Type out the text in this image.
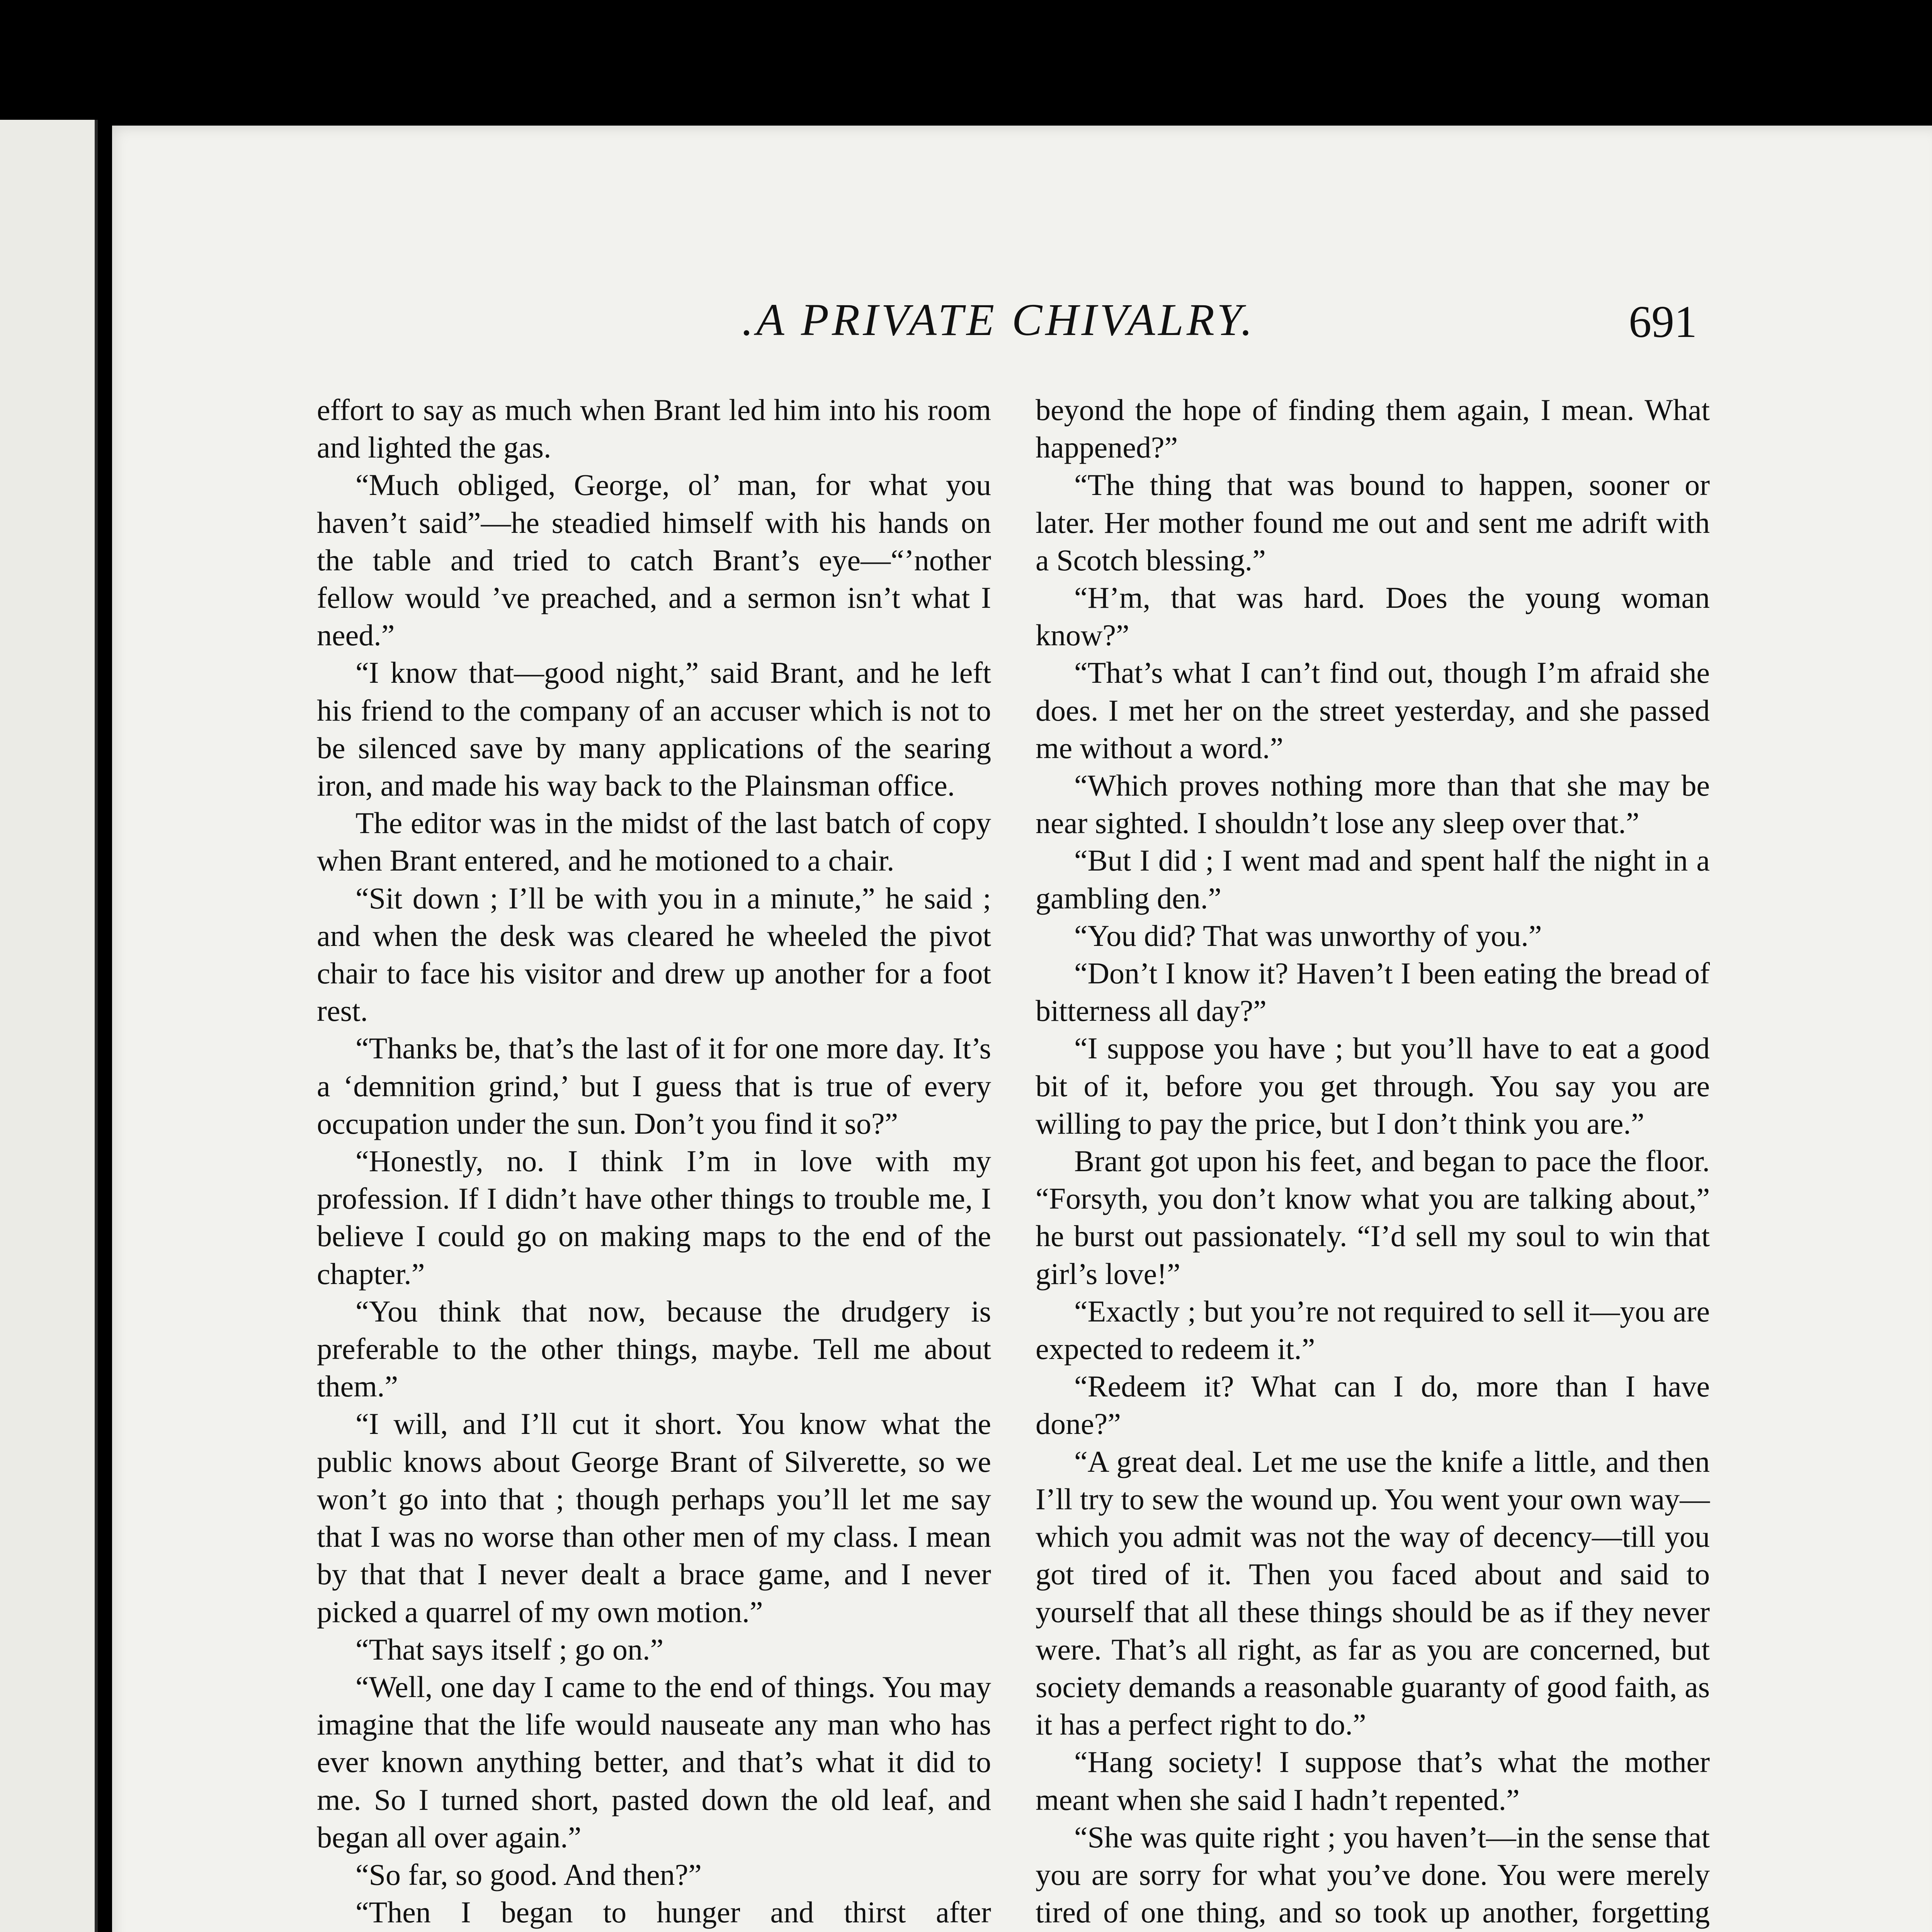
.A PRIVATE CHIVALRY.	691

effort to say as much when Brant led him into his room and lighted the gas.

“Much obliged, George, ol’ man, for what you haven’t said”—he steadied himself with his hands on the table and tried to catch Brant’s eye—“’nother fellow would ’ve preached, and a sermon isn’t what I need.”

“I know that—good night,” said Brant, and he left his friend to the company of an accuser which is not to be silenced save by many applications of the searing iron, and made his way back to the Plainsman office.

The editor was in the midst of the last batch of copy when Brant entered, and he motioned to a chair.

“Sit down ; I’ll be with you in a minute,” he said ; and when the desk was cleared he wheeled the pivot chair to face his visitor and drew up another for a foot rest.

“Thanks be, that’s the last of it for one more day. It’s a ‘demnition grind,’ but I guess that is true of every occupation under the sun. Don’t you find it so?”

“Honestly, no. I think I’m in love with my profession. If I didn’t have other things to trouble me, I believe I could go on making maps to the end of the chapter.”

“You think that now, because the drudgery is preferable to the other things, maybe. Tell me about them.”

“I will, and I’ll cut it short. You know what the public knows about George Brant of Silverette, so we won’t go into that ; though perhaps you’ll let me say that I was no worse than other men of my class. I mean by that that I never dealt a brace game, and I never picked a quarrel of my own motion.”

“That says itself ; go on.”

“Well, one day I came to the end of things. You may imagine that the life would nauseate any man who has ever known anything better, and that’s what it did to me. So I turned short, pasted down the old leaf, and began all over again.”

“So far, so good. And then?”

“Then I began to hunger and thirst after

beyond the hope of finding them again, I mean. What happened?”

“The thing that was bound to happen, sooner or later. Her mother found me out and sent me adrift with a Scotch blessing.”

“H’m, that was hard. Does the young woman know?”

“That’s what I can’t find out, though I’m afraid she does. I met her on the street yesterday, and she passed me without a word.”

“Which proves nothing more than that she may be near sighted. I shouldn’t lose any sleep over that.”

“But I did ; I went mad and spent half the night in a gambling den.”

“You did? That was unworthy of you.”

“Don’t I know it? Haven’t I been eating the bread of bitterness all day?”

“I suppose you have ; but you’ll have to eat a good bit of it, before you get through. You say you are willing to pay the price, but I don’t think you are.”

Brant got upon his feet, and began to pace the floor. “Forsyth, you don’t know what you are talking about,” he burst out passionately. “I’d sell my soul to win that girl’s love!”

“Exactly ; but you’re not required to sell it—you are expected to redeem it.”

“Redeem it? What can I do, more than I have done?”

“A great deal. Let me use the knife a little, and then I’ll try to sew the wound up. You went your own way—which you admit was not the way of decency—till you got tired of it. Then you faced about and said to yourself that all these things should be as if they never were. That’s all right, as far as you are concerned, but society demands a reasonable guaranty of good faith, as it has a perfect right to do.”

“Hang society! I suppose that’s what the mother meant when she said I hadn’t repented.”

“She was quite right ; you haven’t—in the sense that you are sorry for what you’ve done. You were merely tired of one thing, and so took up another, forgetting
